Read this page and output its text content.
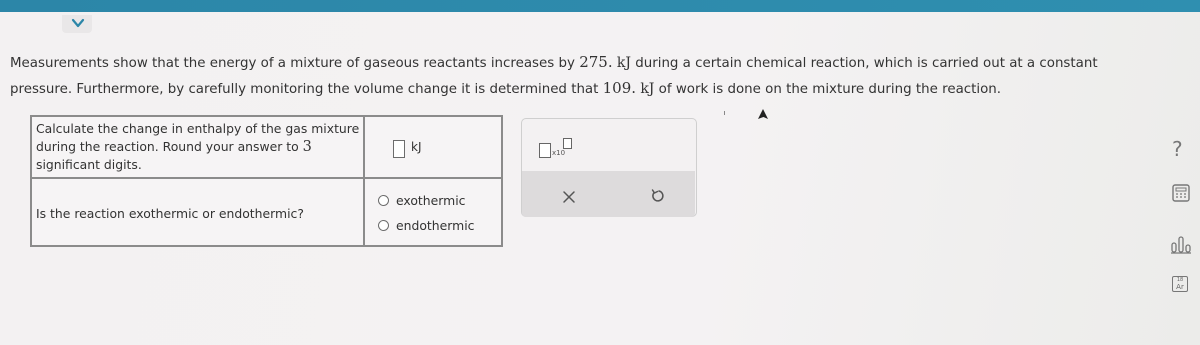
Measurements show that the energy of a mixture of gaseous reactants increases by 275. kJ during a certain chemical reaction, which is carried out at a constant
pressure. Furthermore, by carefully monitoring the volume change it is determined that 109. kJ of work is done on the mixture during the reaction.
Calculate the change in enthalpy of the gas mixture during the reaction. Round your answer to 3
significant digits.
Is the reaction exothermic or endothermic?
kJ
exothermic
endothermic
x10	?
18
Ar
